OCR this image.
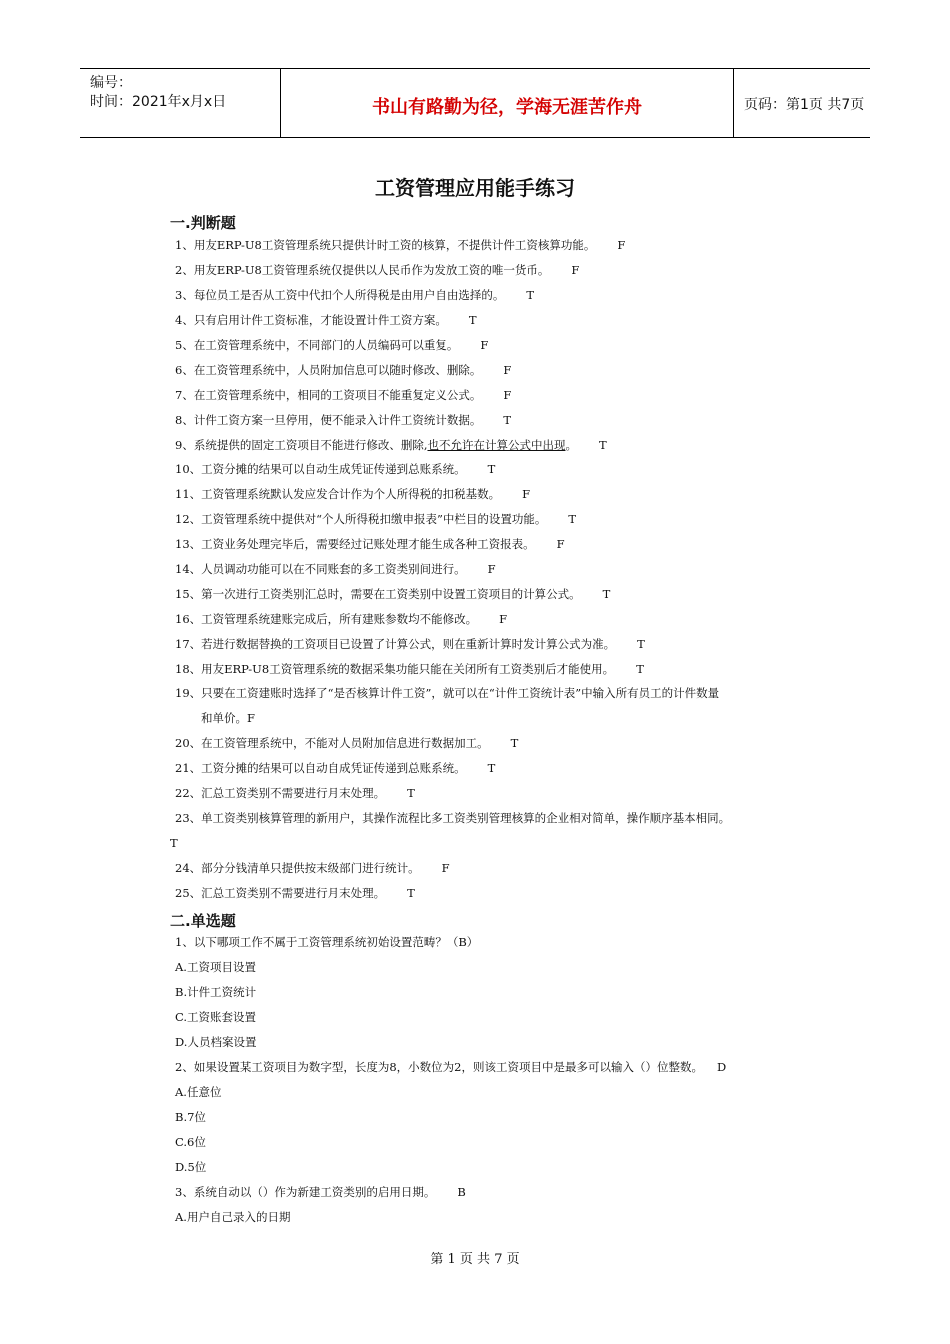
编号：
时间：2021年x月x日	书山有路勤为径，学海无涯苦作舟	页码：第1页 共7页
工资管理应用能手练习
一.判断题
1、用友ERP-U8工资管理系统只提供计时工资的核算，不提供计件工资核算功能。 F
2、用友ERP-U8工资管理系统仅提供以人民币作为发放工资的唯一货币。 F
3、每位员工是否从工资中代扣个人所得税是由用户自由选择的。 T
4、只有启用计件工资标准，才能设置计件工资方案。 T
5、在工资管理系统中，不同部门的人员编码可以重复。 F
6、在工资管理系统中，人员附加信息可以随时修改、删除。 F
7、在工资管理系统中，相同的工资项目不能重复定义公式。 F
8、计件工资方案一旦停用，便不能录入计件工资统计数据。 T
9、系统提供的固定工资项目不能进行修改、删除,也不允许在计算公式中出现。 T
10、工资分摊的结果可以自动生成凭证传递到总账系统。 T
11、工资管理系统默认发应发合计作为个人所得税的扣税基数。 F
12、工资管理系统中提供对“个人所得税扣缴申报表”中栏目的设置功能。 T
13、工资业务处理完毕后，需要经过记账处理才能生成各种工资报表。 F
14、人员调动功能可以在不同账套的多工资类别间进行。 F
15、第一次进行工资类别汇总时，需要在工资类别中设置工资项目的计算公式。 T
16、工资管理系统建账完成后，所有建账参数均不能修改。 F
17、若进行数据替换的工资项目已设置了计算公式，则在重新计算时发计算公式为准。 T
18、用友ERP-U8工资管理系统的数据采集功能只能在关闭所有工资类别后才能使用。 T
19、只要在工资建账时选择了“是否核算计件工资”，就可以在“计件工资统计表”中输入所有员工的计件数量
和单价。F
20、在工资管理系统中，不能对人员附加信息进行数据加工。 T
21、工资分摊的结果可以自动自成凭证传递到总账系统。 T
22、汇总工资类别不需要进行月末处理。 T
23、单工资类别核算管理的新用户，其操作流程比多工资类别管理核算的企业相对简单，操作顺序基本相同。
T
24、部分分钱清单只提供按末级部门进行统计。 F
25、汇总工资类别不需要进行月末处理。 T
二.单选题
1、以下哪项工作不属于工资管理系统初始设置范畴？（B）
A.工资项目设置
B.计件工资统计
C.工资账套设置
D.人员档案设置
2、如果设置某工资项目为数字型，长度为8，小数位为2，则该工资项目中是最多可以输入（）位整数。 D
A.任意位
B.7位
C.6位
D.5位
3、系统自动以（）作为新建工资类别的启用日期。 B
A.用户自己录入的日期
第 1 页 共 7 页
